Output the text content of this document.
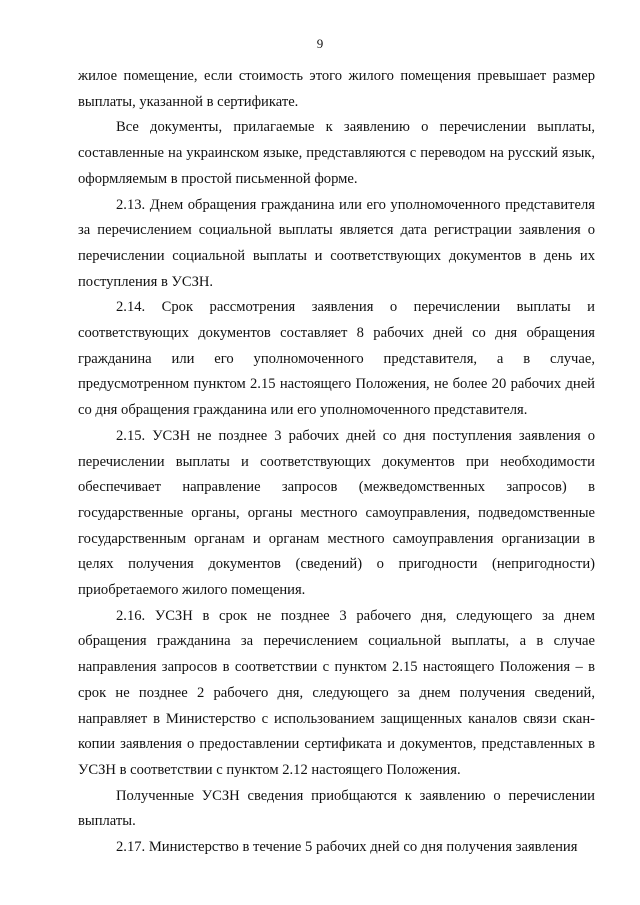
9

жилое помещение, если стоимость этого жилого помещения превышает размер выплаты, указанной в сертификате.

Все документы, прилагаемые к заявлению о перечислении выплаты, составленные на украинском языке, представляются с переводом на русский язык, оформляемым в простой письменной форме.

2.13. Днем обращения гражданина или его уполномоченного представителя за перечислением социальной выплаты является дата регистрации заявления о перечислении социальной выплаты и соответствующих документов в день их поступления в УСЗН.

2.14. Срок рассмотрения заявления о перечислении выплаты и соответствующих документов составляет 8 рабочих дней со дня обращения гражданина или его уполномоченного представителя, а в случае, предусмотренном пунктом 2.15 настоящего Положения, не более 20 рабочих дней со дня обращения гражданина или его уполномоченного представителя.

2.15. УСЗН не позднее 3 рабочих дней со дня поступления заявления о перечислении выплаты и соответствующих документов при необходимости обеспечивает направление запросов (межведомственных запросов) в государственные органы, органы местного самоуправления, подведомственные государственным органам и органам местного самоуправления организации в целях получения документов (сведений) о пригодности (непригодности) приобретаемого жилого помещения.

2.16. УСЗН в срок не позднее 3 рабочего дня, следующего за днем обращения гражданина за перечислением социальной выплаты, а в случае направления запросов в соответствии с пунктом 2.15 настоящего Положения – в срок не позднее 2 рабочего дня, следующего за днем получения сведений, направляет в Министерство с использованием защищенных каналов связи скан-копии заявления о предоставлении сертификата и документов, представленных в УСЗН в соответствии с пунктом 2.12 настоящего Положения.

Полученные УСЗН сведения приобщаются к заявлению о перечислении выплаты.

2.17. Министерство в течение 5 рабочих дней со дня получения заявления
